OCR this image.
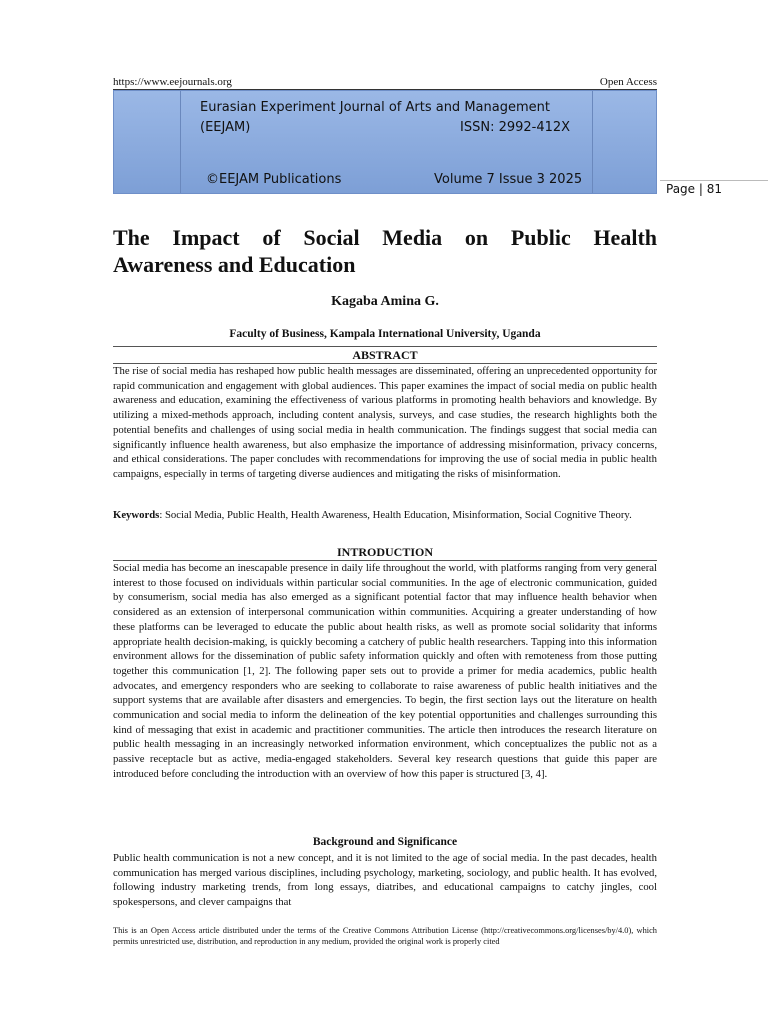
https://www.eejournals.org	Open Access
Eurasian Experiment Journal of Arts and Management
(EEJAM)	ISSN: 2992-412X
©EEJAM Publications	Volume 7 Issue 3 2025
Page | 81
The Impact of Social Media on Public Health
Awareness and Education
Kagaba Amina G.
Faculty of Business, Kampala International University, Uganda
ABSTRACT

The rise of social media has reshaped how public health messages are disseminated, offering an unprecedented opportunity for rapid communication and engagement with global audiences. This paper examines the impact of social media on public health awareness and education, examining the effectiveness of various platforms in promoting health behaviors and knowledge. By utilizing a mixed-methods approach, including content analysis, surveys, and case studies, the research highlights both the potential benefits and challenges of using social media in health communication. The findings suggest that social media can significantly influence health awareness, but also emphasize the importance of addressing misinformation, privacy concerns, and ethical considerations. The paper concludes with recommendations for improving the use of social media in public health campaigns, especially in terms of targeting diverse audiences and mitigating the risks of misinformation.

Keywords: Social Media, Public Health, Health Awareness, Health Education, Misinformation, Social Cognitive Theory.
INTRODUCTION

Social media has become an inescapable presence in daily life throughout the world, with platforms ranging from very general interest to those focused on individuals within particular social communities. In the age of electronic communication, guided by consumerism, social media has also emerged as a significant potential factor that may influence health behavior when considered as an extension of interpersonal communication within communities. Acquiring a greater understanding of how these platforms can be leveraged to educate the public about health risks, as well as promote social solidarity that informs appropriate health decision-making, is quickly becoming a catchery of public health researchers. Tapping into this information environment allows for the dissemination of public safety information quickly and often with remoteness from those putting together this communication [1, 2]. The following paper sets out to provide a primer for media academics, public health advocates, and emergency responders who are seeking to collaborate to raise awareness of public health initiatives and the support systems that are available after disasters and emergencies. To begin, the first section lays out the literature on health communication and social media to inform the delineation of the key potential opportunities and challenges surrounding this kind of messaging that exist in academic and practitioner communities. The article then introduces the research literature on public health messaging in an increasingly networked information environment, which conceptualizes the public not as a passive receptacle but as active, media-engaged stakeholders. Several key research questions that guide this paper are introduced before concluding the introduction with an overview of how this paper is structured [3, 4].

Background and Significance

Public health communication is not a new concept, and it is not limited to the age of social media. In the past decades, health communication has merged various disciplines, including psychology, marketing, sociology, and public health. It has evolved, following industry marketing trends, from long essays, diatribes, and educational campaigns to catchy jingles, cool spokespersons, and clever campaigns that

This is an Open Access article distributed under the terms of the Creative Commons Attribution License (http://creativecommons.org/licenses/by/4.0), which permits unrestricted use, distribution, and reproduction in any medium, provided the original work is properly cited
